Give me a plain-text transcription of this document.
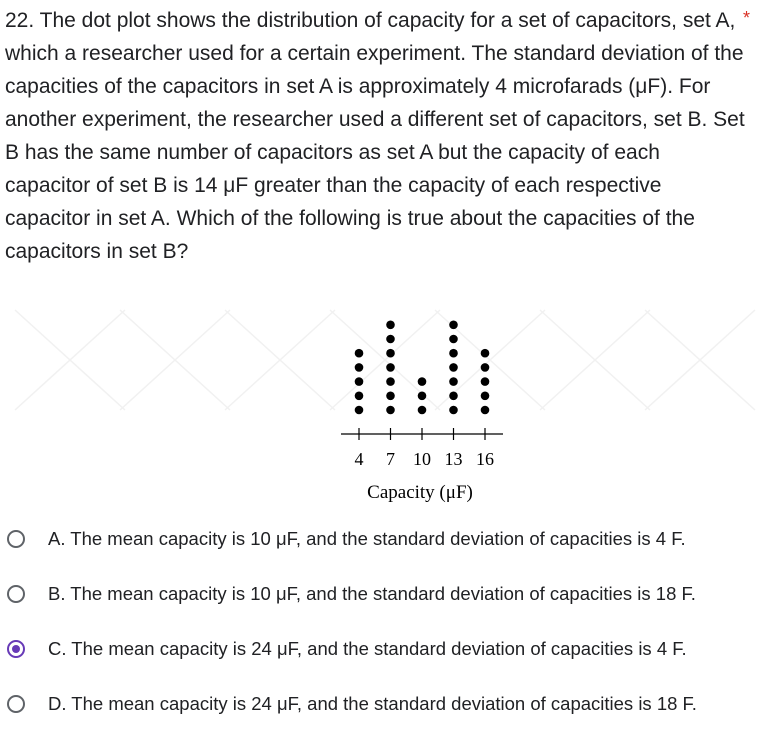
22. The dot plot shows the distribution of capacity for a set of capacitors, set A, which a researcher used for a certain experiment. The standard deviation of the capacities of the capacitors in set A is approximately 4 microfarads (μF). For another experiment, the researcher used a different set of capacitors, set B. Set B has the same number of capacitors as set A but the capacity of each capacitor of set B is 14 μF greater than the capacity of each respective capacitor in set A. Which of the following is true about the capacities of the capacitors in set B?

*
4 7 10 13 16
Capacity (μF)
A. The mean capacity is 10 μF, and the standard deviation of capacities is 4 F.
B. The mean capacity is 10 μF, and the standard deviation of capacities is 18 F.
C. The mean capacity is 24 μF, and the standard deviation of capacities is 4 F.
D. The mean capacity is 24 μF, and the standard deviation of capacities is 18 F.
